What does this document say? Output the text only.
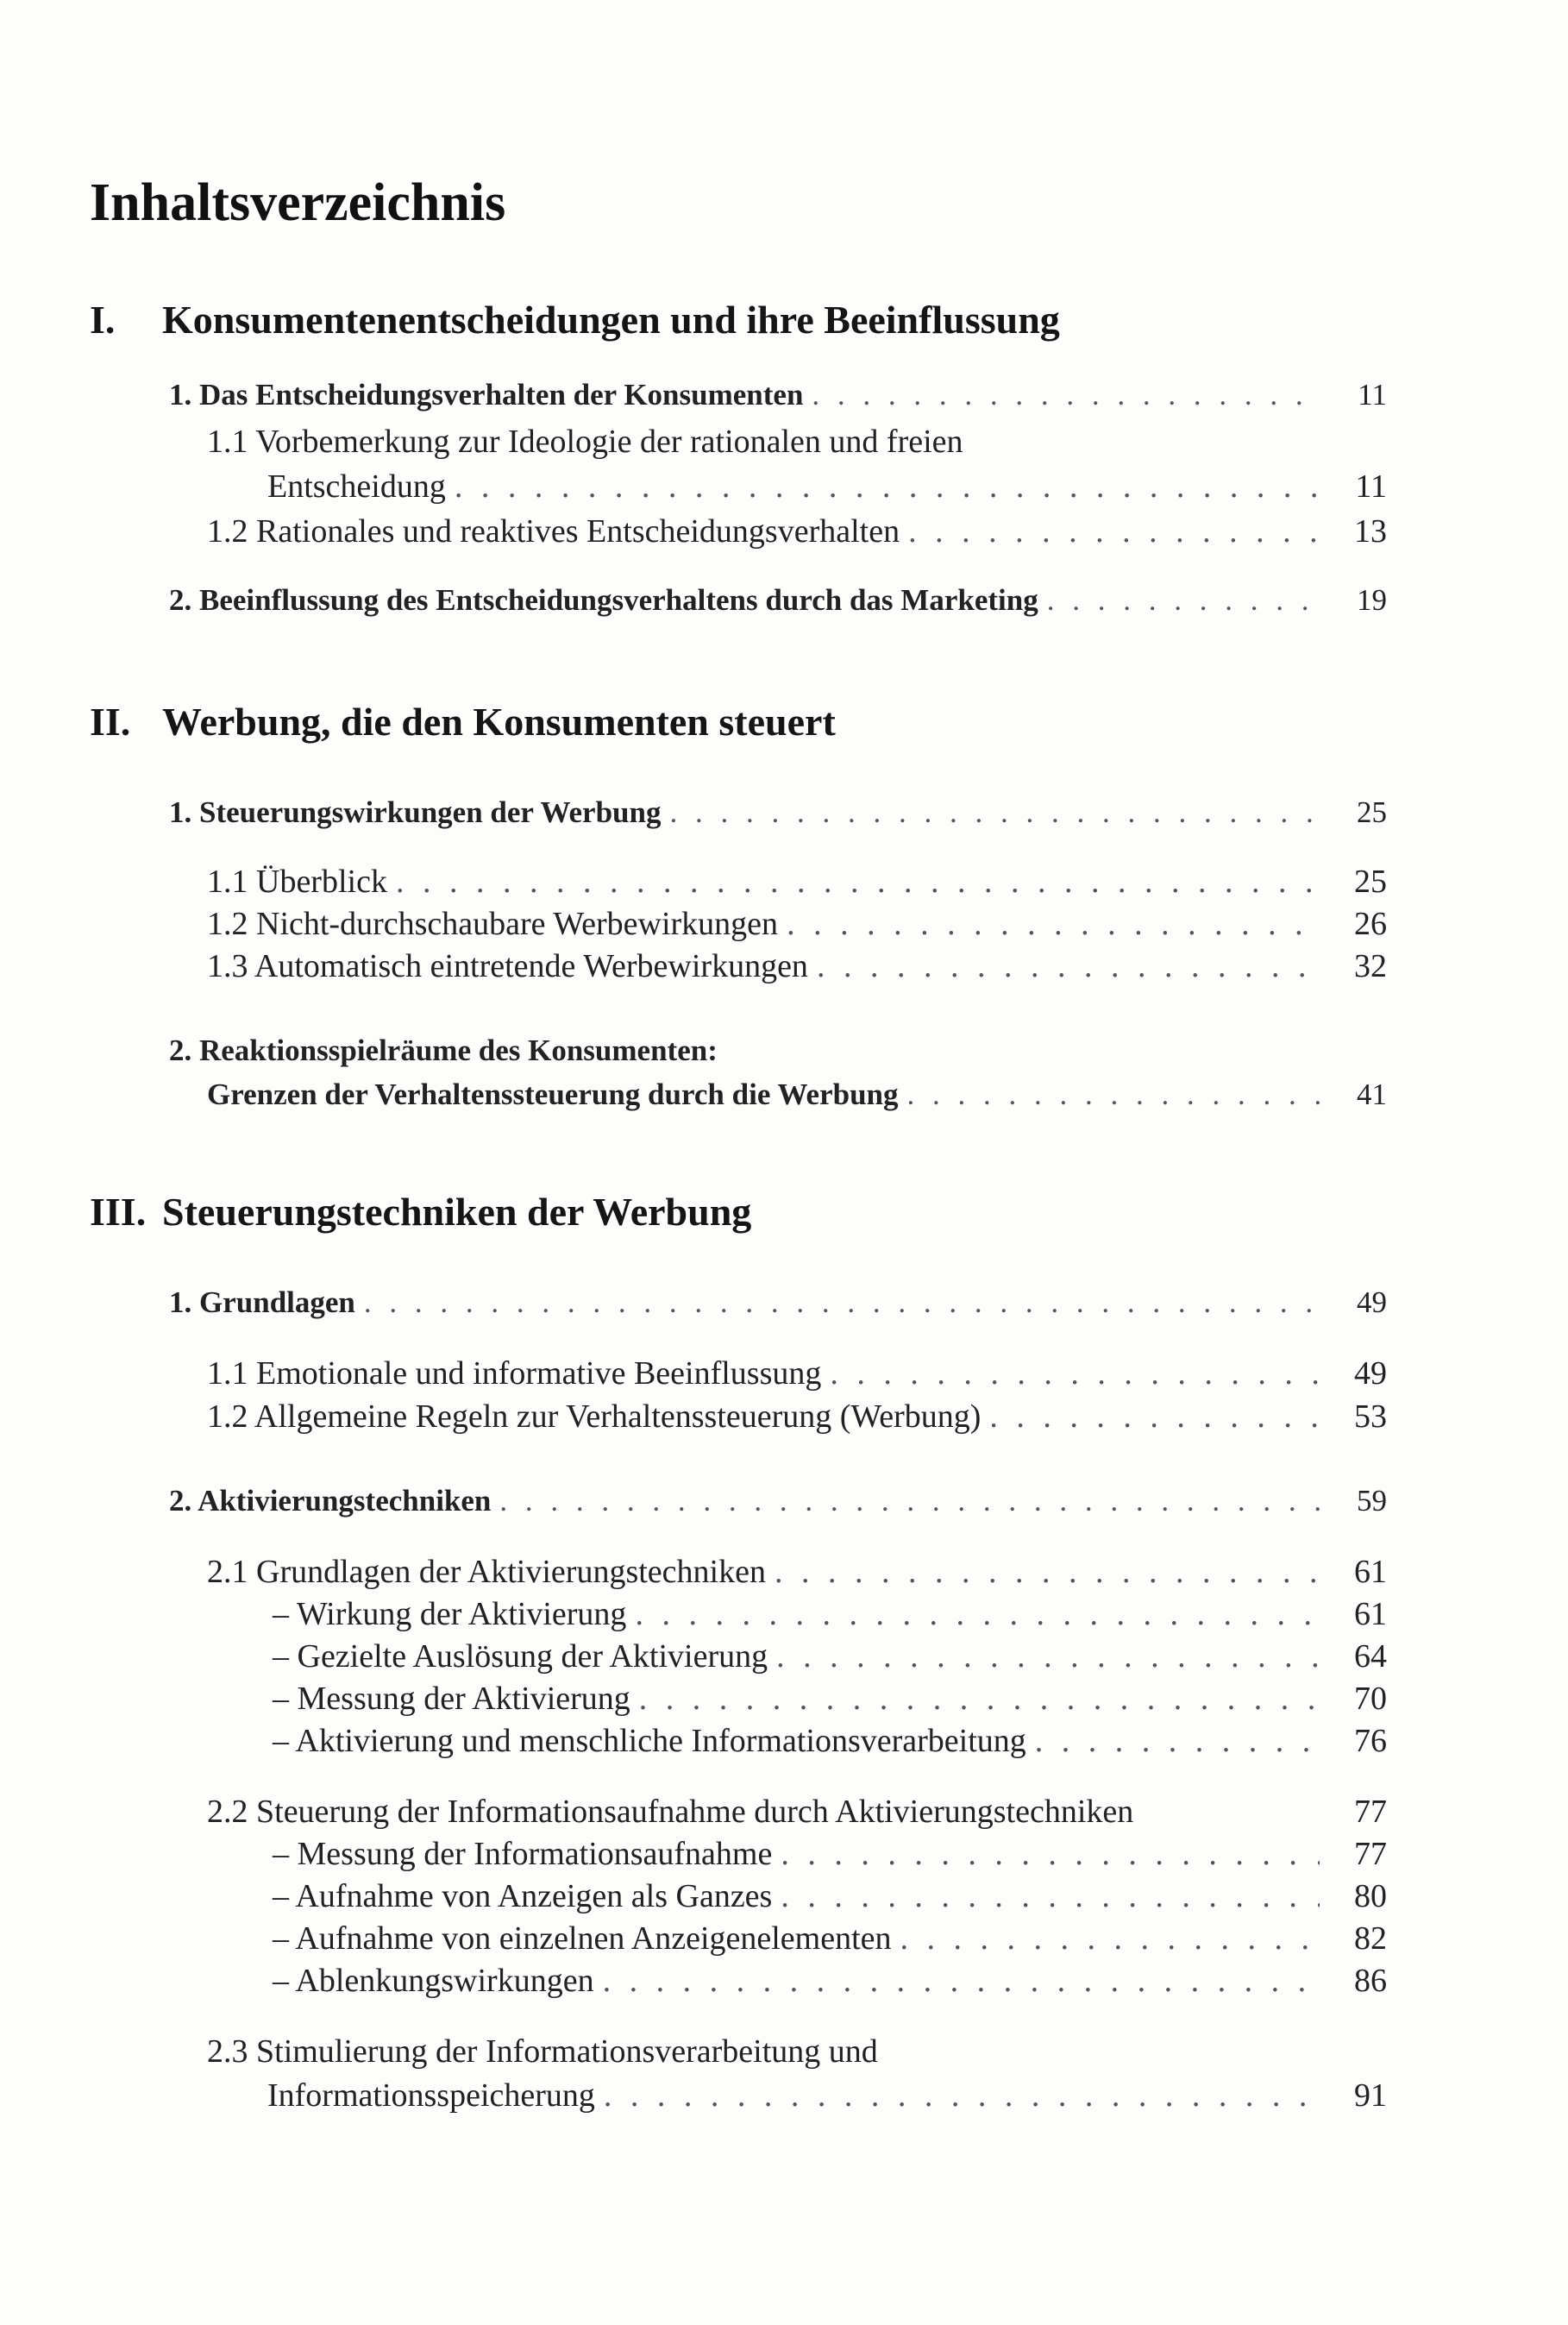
Inhaltsverzeichnis
I. Konsumentenentscheidungen und ihre Beeinflussung
1. Das Entscheidungsverhalten der Konsumenten . . .	11
1.1 Vorbemerkung zur Ideologie der rationalen und freien
Entscheidung . . .	11
1.2 Rationales und reaktives Entscheidungsverhalten . . .	13
2. Beeinflussung des Entscheidungsverhaltens durch das Marketing . . .	19
II. Werbung, die den Konsumenten steuert
1. Steuerungswirkungen der Werbung . . .	25
1.1 Überblick . . .	25
1.2 Nicht-durchschaubare Werbewirkungen . . .	26
1.3 Automatisch eintretende Werbewirkungen . . .	32
2. Reaktionsspielräume des Konsumenten:
Grenzen der Verhaltenssteuerung durch die Werbung . . .	41
III. Steuerungstechniken der Werbung
1. Grundlagen . . .	49
1.1 Emotionale und informative Beeinflussung . . .	49
1.2 Allgemeine Regeln zur Verhaltenssteuerung (Werbung) . . .	53
2. Aktivierungstechniken . . .	59
2.1 Grundlagen der Aktivierungstechniken . . .	61
– Wirkung der Aktivierung . . .	61
– Gezielte Auslösung der Aktivierung . . .	64
– Messung der Aktivierung . . .	70
– Aktivierung und menschliche Informationsverarbeitung . . .	76
2.2 Steuerung der Informationsaufnahme durch Aktivierungstechniken	77
– Messung der Informationsaufnahme . . .	77
– Aufnahme von Anzeigen als Ganzes . . .	80
– Aufnahme von einzelnen Anzeigenelementen . . .	82
– Ablenkungswirkungen . . .	86
2.3 Stimulierung der Informationsverarbeitung und
Informationsspeicherung . . .	91
